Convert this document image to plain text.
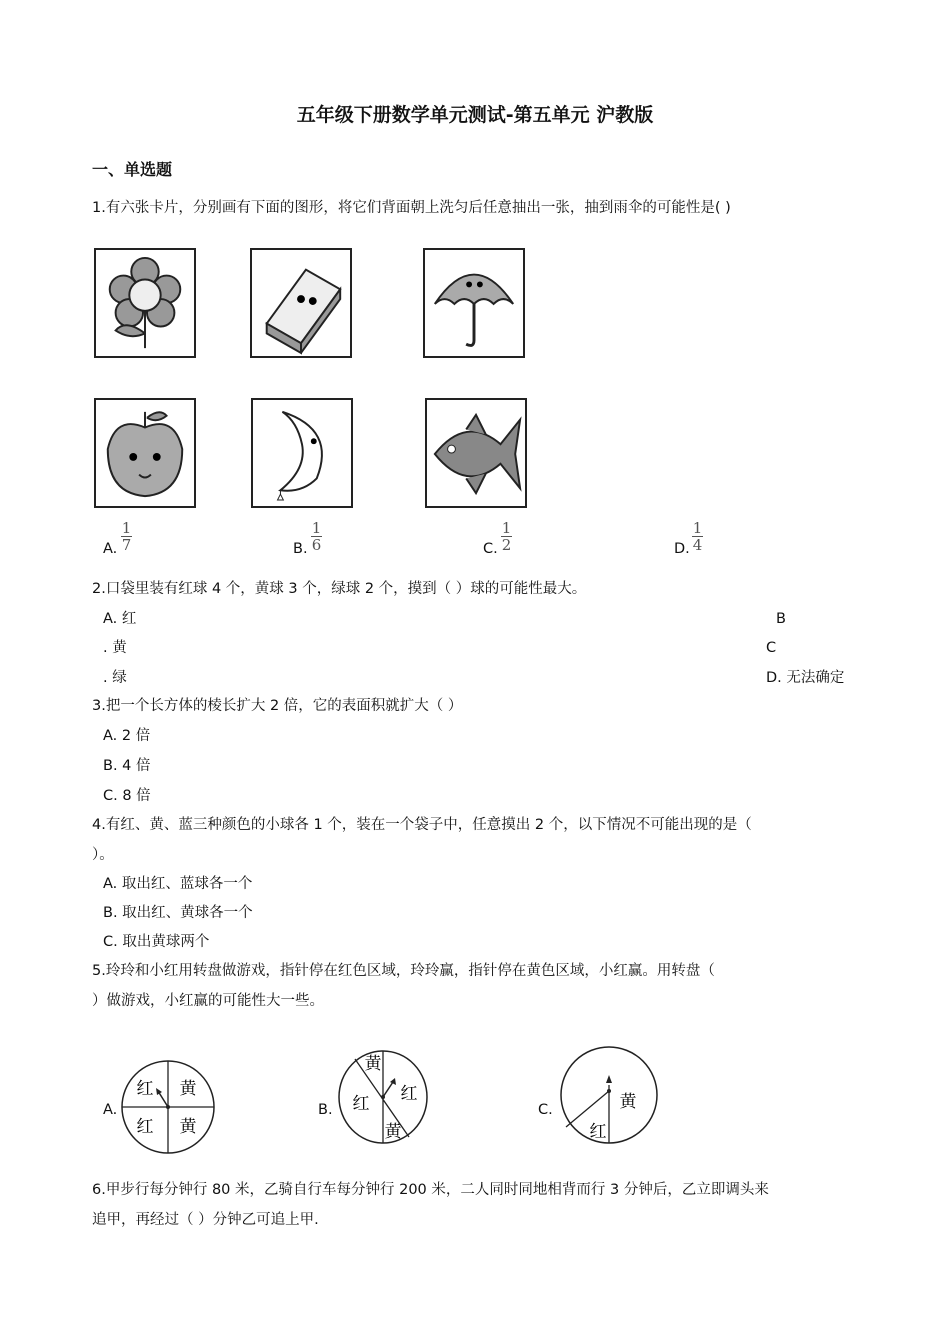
五年级下册数学单元测试-第五单元 沪教版
一、单选题
1.有六张卡片，分别画有下面的图形，将它们背面朝上洗匀后任意抽出一张，抽到雨伞的可能性是( )
A.
1
7	B.
1
6	C.
1
2	D.
1
4
2.口袋里装有红球 4 个，黄球 3 个，绿球 2 个，摸到（ ）球的可能性最大。
A. 红	B
. 黄	C
. 绿	D. 无法确定
3.把一个长方体的棱长扩大 2 倍，它的表面积就扩大（ ）
A. 2 倍
B. 4 倍
C. 8 倍
4.有红、黄、蓝三种颜色的小球各 1 个，装在一个袋子中，任意摸出 2 个，以下情况不可能出现的是（
）。
A. 取出红、蓝球各一个
B. 取出红、黄球各一个
C. 取出黄球两个
5.玲玲和小红用转盘做游戏，指针停在红色区域，玲玲赢，指针停在黄色区域，小红赢。用转盘（
）做游戏，小红赢的可能性大一些。
A.
红 黄
红 黄
B.
黄
红 红
黄
C.	黄
红
6.甲步行每分钟行 80 米，乙骑自行车每分钟行 200 米，二人同时同地相背而行 3 分钟后，乙立即调头来
追甲，再经过（ ）分钟乙可追上甲.
